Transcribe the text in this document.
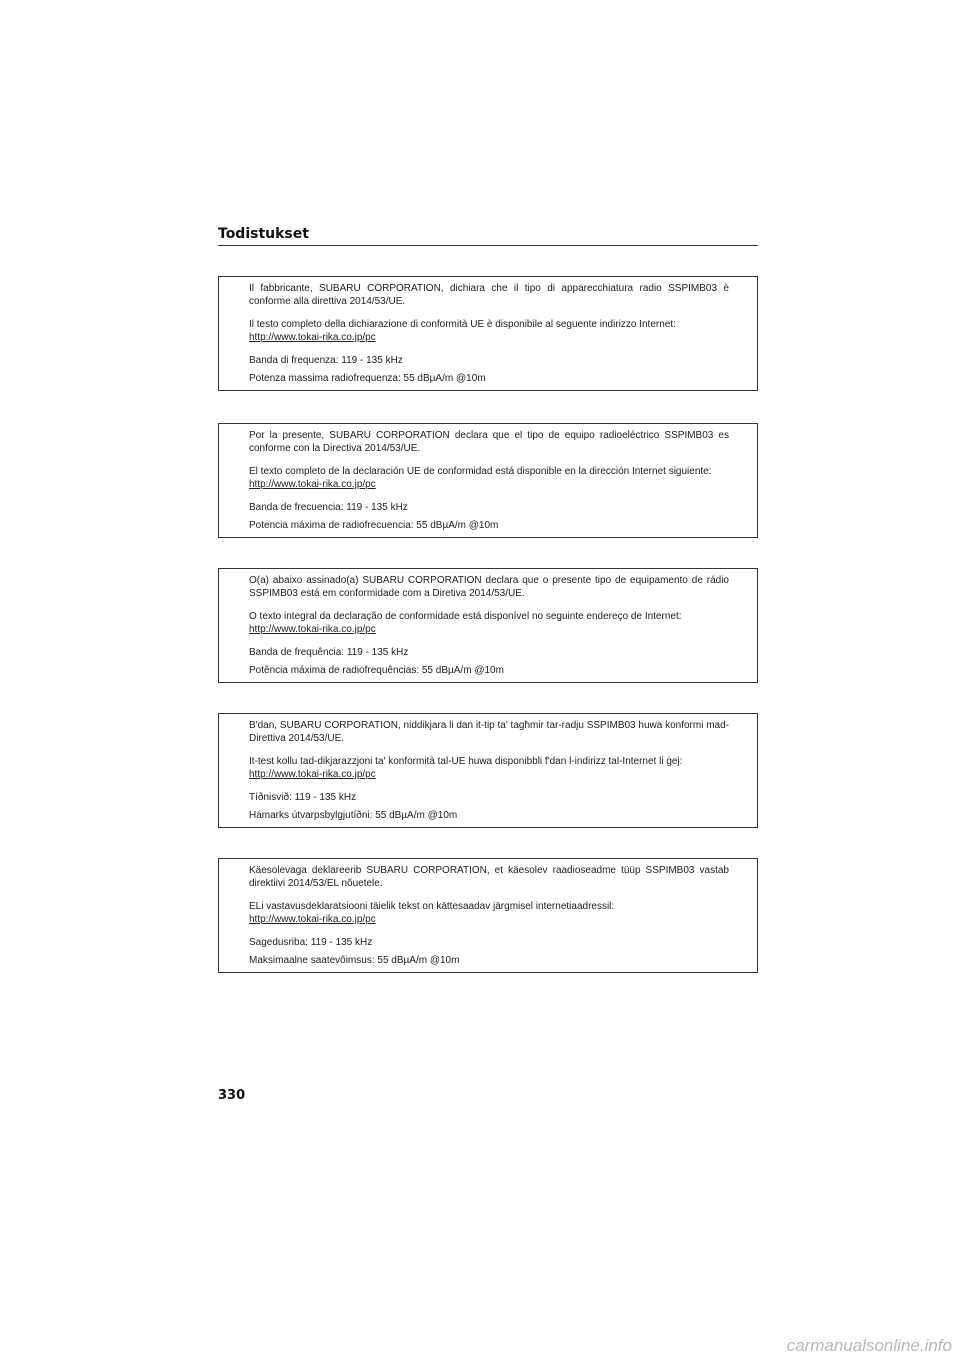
Todistukset

Il fabbricante, SUBARU CORPORATION, dichiara che il tipo di apparecchiatura radio SSPIMB03 è conforme alla direttiva 2014/53/UE.

Il testo completo della dichiarazione di conformità UE è disponibile al seguente indirizzo Internet:

http://www.tokai-rika.co.jp/pc

Banda di frequenza: 119 - 135 kHz

Potenza massima radiofrequenza: 55 dBµA/m @10m

Por la presente, SUBARU CORPORATION declara que el tipo de equipo radioeléctrico SSPIMB03 es conforme con la Directiva 2014/53/UE.

El texto completo de la declaración UE de conformidad está disponible en la dirección Internet siguiente:

http://www.tokai-rika.co.jp/pc

Banda de frecuencia: 119 - 135 kHz

Potencia máxima de radiofrecuencia: 55 dBµA/m @10m

O(a) abaixo assinado(a) SUBARU CORPORATION declara que o presente tipo de equipamento de rádio SSPIMB03 está em conformidade com a Diretiva 2014/53/UE.

O texto integral da declaração de conformidade está disponível no seguinte endereço de Internet:

http://www.tokai-rika.co.jp/pc

Banda de frequência: 119 - 135 kHz

Potência máxima de radiofrequências: 55 dBµA/m @10m

B'dan, SUBARU CORPORATION, niddikjara li dan it-tip ta' tagħmir tar-radju SSPIMB03 huwa konformi mad-Direttiva 2014/53/UE.

It-test kollu tad-dikjarazzjoni ta' konformità tal-UE huwa disponibbli f'dan l-indirizz tal-Internet li ġej:

http://www.tokai-rika.co.jp/pc

Tíðnisvið: 119 - 135 kHz

Hámarks útvarpsbylgjutíðni: 55 dBµA/m @10m

Käesolevaga deklareerib SUBARU CORPORATION, et käesolev raadioseadme tüüp SSPIMB03 vastab direktiivi 2014/53/EL nõuetele.

ELi vastavusdeklaratsiooni täielik tekst on kättesaadav järgmisel internetiaadressil:

http://www.tokai-rika.co.jp/pc

Sagedusriba: 119 - 135 kHz

Maksimaalne saatevõimsus: 55 dBµA/m @10m

330
carmanualsonline.info
